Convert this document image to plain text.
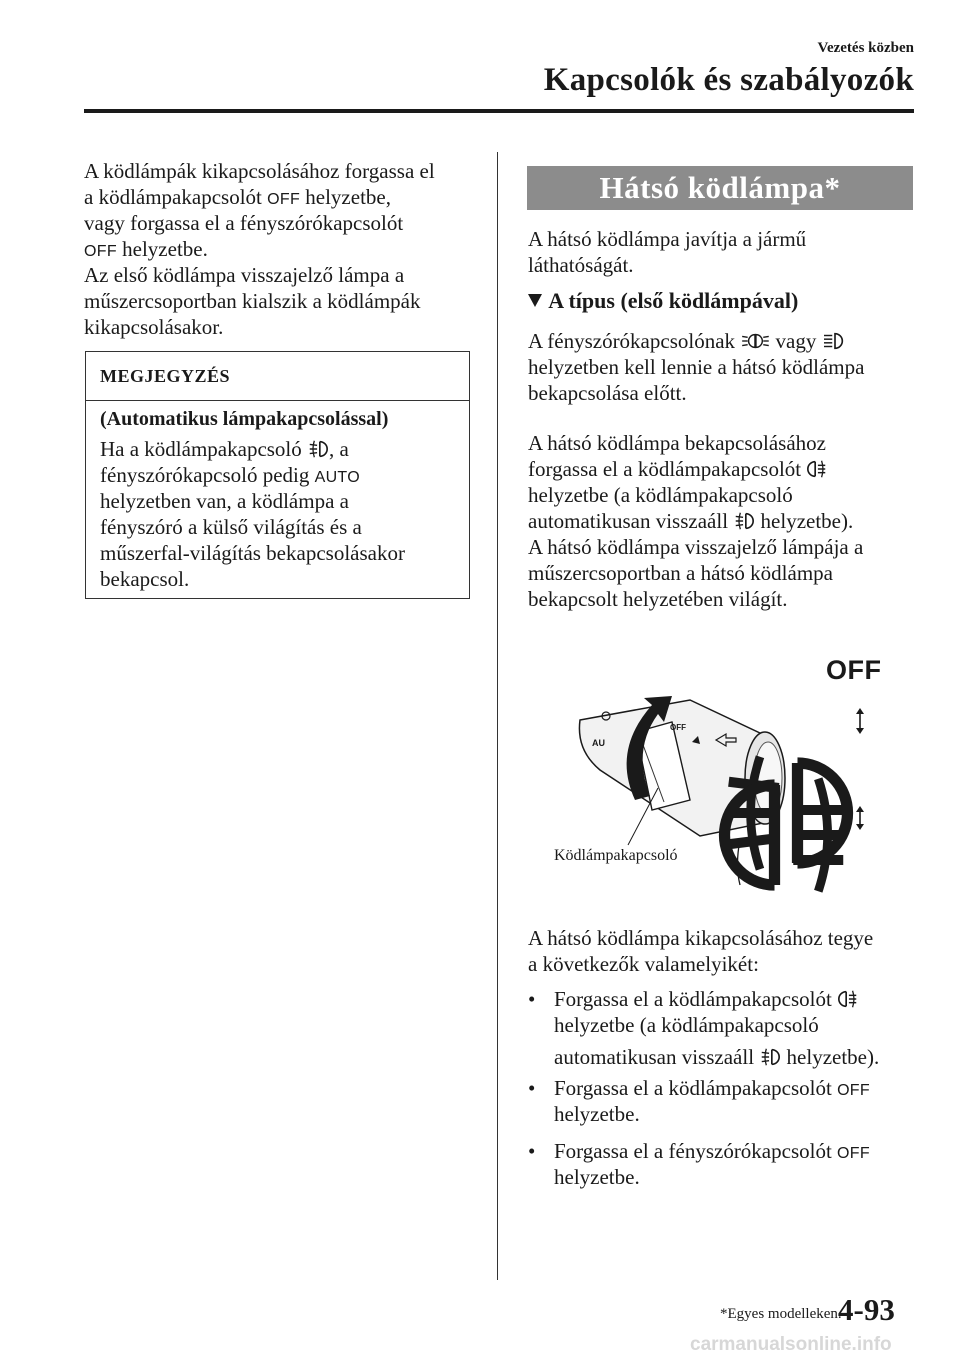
Vezetés közben
Kapcsolók és szabályozók
A ködlámpák kikapcsolásához forgassa el
a ködlámpakapcsolót OFF helyzetbe,
vagy forgassa el a fényszórókapcsolót
OFF helyzetbe.
Az első ködlámpa visszajelző lámpa a
műszercsoportban kialszik a ködlámpák
kikapcsolásakor.
MEGJEGYZÉS
(Automatikus lámpakapcsolással)
Ha a ködlámpakapcsoló , a
fényszórókapcsoló pedig AUTO
helyzetben van, a ködlámpa a
fényszóró a külső világítás és a
műszerfal-világítás bekapcsolásakor
bekapcsol.
Hátsó ködlámpa*
A hátsó ködlámpa javítja a jármű
láthatóságát.
A típus (első ködlámpával)
A fényszórókapcsolónak vagy
helyzetben kell lennie a hátsó ködlámpa
bekapcsolása előtt.
A hátsó ködlámpa bekapcsolásához
forgassa el a ködlámpakapcsolót
helyzetbe (a ködlámpakapcsoló
automatikusan visszaáll helyzetbe).
A hátsó ködlámpa visszajelző lámpája a
műszercsoportban a hátsó ködlámpa
bekapcsolt helyzetében világít.
AU
OFF
OFF
Ködlámpakapcsoló
A hátsó ködlámpa kikapcsolásához tegye
a következők valamelyikét:
• Forgassa el a ködlámpakapcsolót
helyzetbe (a ködlámpakapcsoló
automatikusan visszaáll helyzetbe).
• Forgassa el a ködlámpakapcsolót OFF
helyzetbe.
• Forgassa el a fényszórókapcsolót OFF
helyzetbe.
*Egyes modelleken.
4-93
carmanualsonline.info
